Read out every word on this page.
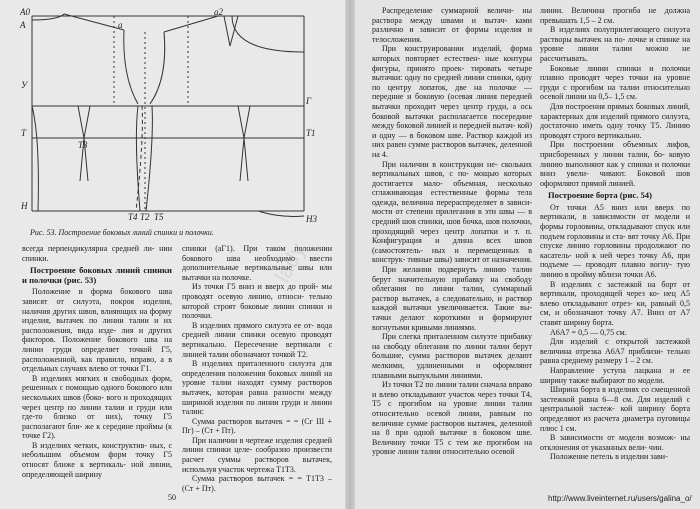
А0
А
а2
а
У
Т
Н
Т4 Т2 Т5
Т1
Г
Н3
Т3
Рис. 53. Построение боковых линий спинки и полочки.

всегда перпендикулярна средней ли- нии спинки.

Построение боковых линий спинки и полочки (рис. 53)

Положение и форма бокового шва зависят от силуэта, покроя изделия, наличия других швов, влияющих на форму изделия, вытачек по линии талии и их расположения, вида изде- лия и других факторов. Положение бокового шва на линии груди определяет точкой Г5, расположенной, как правило, вправо, а в отдельных случаях влево от точки Г1.

В изделиях мягких и свободных форм, решенных с помощью одного бокового или нескольких швов (боко- вого и проходящих через центр по линии талии и груди или где-то близко от них), точку Г5 располагают бли- же к середине проймы (к точке Г2).

В изделиях четких, конструктив- ных, с небольшим объемом форм точку Г5 относят ближе к вертикаль- ной линии, определяющей ширину

спинки (аГ1). При таком положении бокового шва необходимо ввести дополнительные вертикальные швы или вытачки на полочке.

Из точки Г5 вниз и вверх до прой- мы проводят осевую линию, относи- тельно которой строят боковые линии спинки и полочки.

В изделиях прямого силуэта ее от- вода средней линии спинки осевую проводят вертикально. Пересечение вертикали с линией талии обозначают точкой Т2.

В изделиях приталенного силуэта для определения положения боковых линий на уровне талии находят сумму растворов вытачек, которая равна разности между шириной изделия по линии груди и линии талии:

Сумма растворов вытачек = = (Сг III + Пг) – (Ст + Пт).

При наличии в чертеже изделия средней линии спинки целе- сообразно произвести расчет суммы растворов вытачек, используя участок чертежа Т1Т3.

Сумма растворов вытачек = = Т1Т3 – (Ст + Пт).

Распределение суммарной величи- ны раствора между швами и вытач- ками различно и зависит от формы изделия и телосложения.

При конструировании изделий, форма которых повторяет естествен- ные контуры фигуры, принято проек- тировать четыре вытачки: одну по средней линии спинки, одну по центру лопаток, две на полочке — передние и боковую (осевая линия передней вытачки проходит через центр груди, а ось боковой вытачки располагается посередине между боковой линией и передней вытач- кой) и одну — в боковом шве. Раствор каждой из них равен сумме растворов вытачек, деленной на 4.

При наличии в конструкции не- скольких вертикальных швов, с по- мощью которых достигается мало- объемная, несколько сглаживающая естественные формы тела одежда, величина перераспределяет в зависи- мости от степени прилегания в эти швы — в средний шов спинки, шов бочка, шов полочки, проходящий через центр лопатки и т. п. Конфигурация и длина всех швов (самостоятель- ных и перемещенных в конструк- тивные швы) зависит от назначения.

При желании подвернуть линию талии берут значительную прибавку на свободу облегания по линии талии, суммарный раствор вытачек, а следовательно, и раствор каждой вытачки увеличивается. Такие вы- тачки делают короткими и формируют вогнутыми кривыми линиями.

При слегка приталенном силуэте прибавку на свободу облегания по линии талии берут большие, сумма растворов вытачек делают мелкими, удлиненными и оформляют плавными выпуклыми линиями.

Из точки Т2 по линии талии сначала вправо и влево откладывают участок через точки Т4, Т5 с прогибом на уровне линии талии относительно осевой линии, равным по величине сумме растворов вытачек, деленной на 8 при одной вытачке в боковом шве. Величину точки Т5 с тем же прогибом на уровне линии талии относительно осевой

линии. Величина прогиба не должна превышать 1,5 – 2 см.

В изделиях полуприлегающего силуэта растворы вытачек на по- лочке и спинке на уровне линии талии можно не рассчитывать.

Боковые линии спинки и полочки плавно проводят через точки на уровне груди с прогибом на талии относительно осевой линии на 0,5– 1,5 см.

Для построения прямых боковых линий, характерных для изделий прямого силуэта, достаточно иметь одну точку Т5. Линию проводят строго вертикально.

При построении объемных лифов, присборенных у линии талии, бо- ковую линию выполняют как у спинки и полочки вниз увели- чивают. Боковой шов оформляют прямой линией.

Построение борта (рис. 54)

От точки А5 вниз или вверх по вертикали, в зависимости от модели и формы горловины, откладывают спуск или подъем горловины и ста- вят точку А6. При спуске линию горловины продолжают по касатель- ной к ней через точку А6, при подъеме — проводят плавно вогну- тую линию в пройму вблизи точки А6.

В изделиях с застежкой на борт от вертикали, проходящей через ко- нец А5 влево откладывают отрез- ки, равный 0,5 см, и обозначают точку А7. Вниз от А7 ставят ширину борта.

А6А7 = 0,5 — 0,75 см.

Для изделий с открытой застежкой величина отрезка А6А7 приблизи- тельно равна среднему размеру 1 – 2 см.

Направление уступа лацкана и ее ширину также выбирают по модели.

Ширина борта в изделиях со смещенной застежкой равна 6—8 см. Для изделий с центральной застеж- кой ширину борта определяют из расчета диаметра пуговицы плюс 1 см.

В зависимости от модели возмож- ны отклонения от указанных вели- чин.

Положение петель в изделии зави-

50	http://www.liveinternet.ru/users/galina_o/
lady
